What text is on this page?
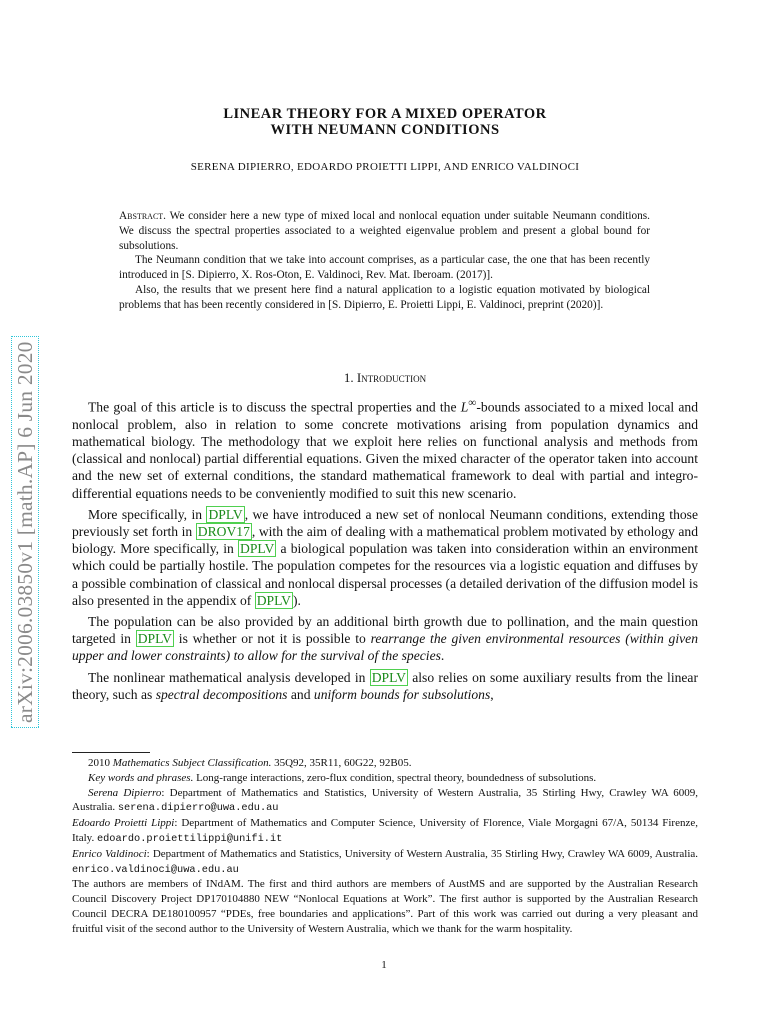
arXiv:2006.03850v1 [math.AP] 6 Jun 2020
LINEAR THEORY FOR A MIXED OPERATOR
WITH NEUMANN CONDITIONS
SERENA DIPIERRO, EDOARDO PROIETTI LIPPI, AND ENRICO VALDINOCI

Abstract. We consider here a new type of mixed local and nonlocal equation under suitable Neumann conditions. We discuss the spectral properties associated to a weighted eigenvalue problem and present a global bound for subsolutions.

The Neumann condition that we take into account comprises, as a particular case, the one that has been recently introduced in [S. Dipierro, X. Ros-Oton, E. Valdinoci, Rev. Mat. Iberoam. (2017)].

Also, the results that we present here find a natural application to a logistic equation motivated by biological problems that has been recently considered in [S. Dipierro, E. Proietti Lippi, E. Valdinoci, preprint (2020)].

1. Introduction

The goal of this article is to discuss the spectral properties and the L∞-bounds associated to a mixed local and nonlocal problem, also in relation to some concrete motivations arising from population dynamics and mathematical biology. The methodology that we exploit here relies on functional analysis and methods from (classical and nonlocal) partial differential equations. Given the mixed character of the operator taken into account and the new set of external conditions, the standard mathematical framework to deal with partial and integro-differential equations needs to be conveniently modified to suit this new scenario.

More specifically, in DPLV , we have introduced a new set of nonlocal Neumann conditions, extending those previously set forth in DROV17 , with the aim of dealing with a mathematical problem motivated by ethology and biology. More specifically, in DPLV a biological population was taken into consideration within an environment which could be partially hostile. The population competes for the resources via a logistic equation and diffuses by a possible combination of classical and nonlocal dispersal processes (a detailed derivation of the diffusion model is also presented in the appendix of DPLV ).

The population can be also provided by an additional birth growth due to pollination, and the main question targeted in DPLV is whether or not it is possible to rearrange the given environmental resources (within given upper and lower constraints) to allow for the survival of the species.

The nonlinear mathematical analysis developed in DPLV also relies on some auxiliary results from the linear theory, such as spectral decompositions and uniform bounds for subsolutions,

2010 Mathematics Subject Classification. 35Q92, 35R11, 60G22, 92B05.

Key words and phrases. Long-range interactions, zero-flux condition, spectral theory, boundedness of subsolutions.

Serena Dipierro: Department of Mathematics and Statistics, University of Western Australia, 35 Stirling Hwy, Crawley WA 6009, Australia. serena.dipierro@uwa.edu.au

Edoardo Proietti Lippi: Department of Mathematics and Computer Science, University of Florence, Viale Morgagni 67/A, 50134 Firenze, Italy. edoardo.proiettilippi@unifi.it

Enrico Valdinoci: Department of Mathematics and Statistics, University of Western Australia, 35 Stirling Hwy, Crawley WA 6009, Australia. enrico.valdinoci@uwa.edu.au

The authors are members of INdAM. The first and third authors are members of AustMS and are supported by the Australian Research Council Discovery Project DP170104880 NEW “Nonlocal Equations at Work”. The first author is supported by the Australian Research Council DECRA DE180100957 “PDEs, free boundaries and applications”. Part of this work was carried out during a very pleasant and fruitful visit of the second author to the University of Western Australia, which we thank for the warm hospitality.

1
